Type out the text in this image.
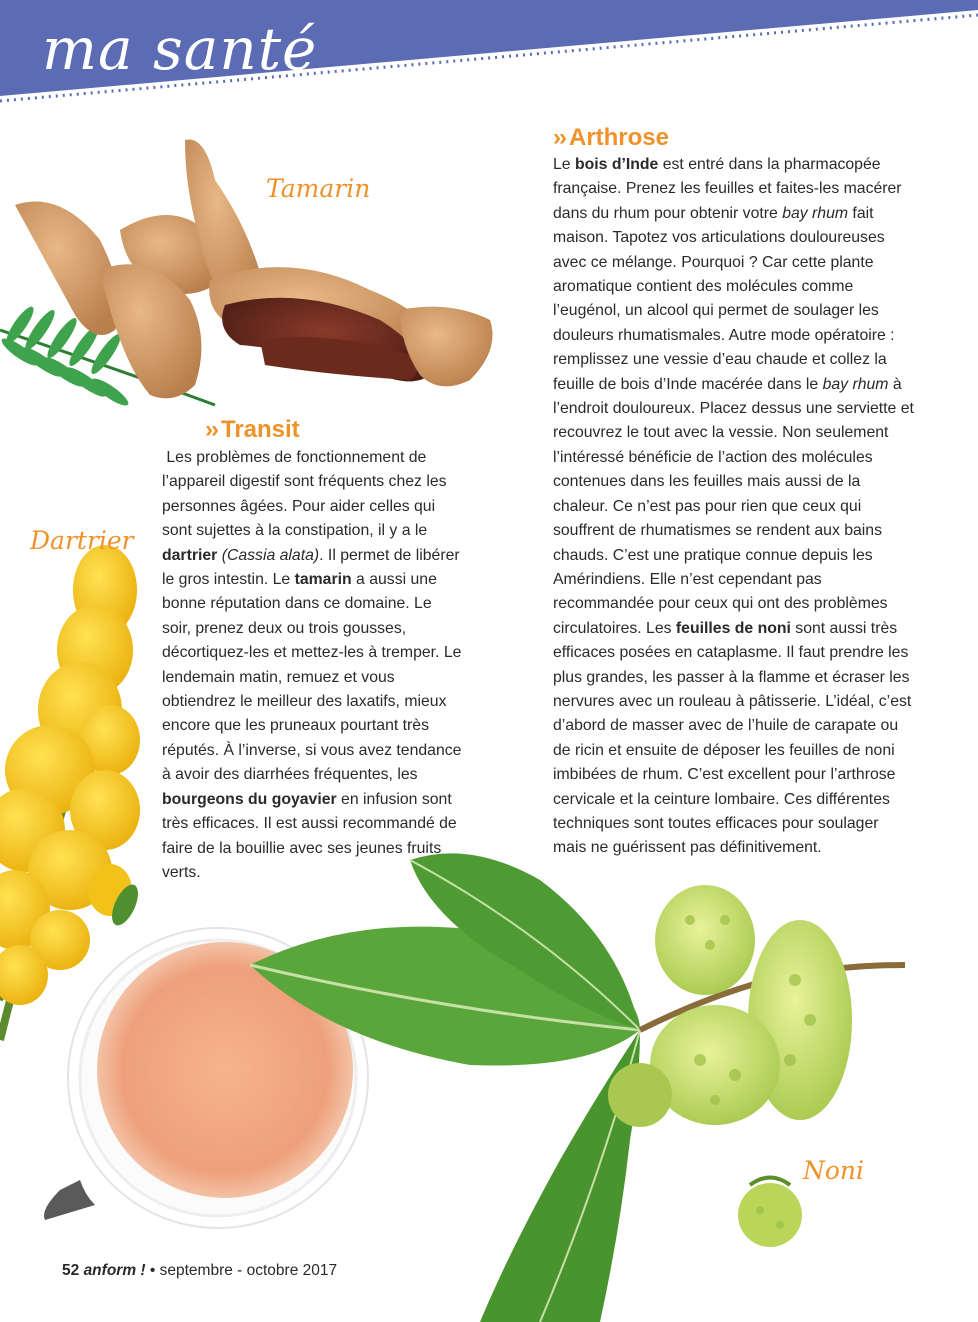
ma santé
Tamarin
Dartrier
Noni
›› Transit

Les problèmes de fonctionnement de l’appareil digestif sont fréquents chez les personnes âgées. Pour aider celles qui sont sujettes à la constipation, il y a le dartrier (Cassia alata). Il permet de libérer le gros intestin. Le tamarin a aussi une bonne réputation dans ce domaine. Le soir, prenez deux ou trois gousses, décortiquez-les et mettez-les à tremper. Le lendemain matin, remuez et vous obtiendrez le meilleur des laxatifs, mieux encore que les pruneaux pourtant très réputés. À l’inverse, si vous avez tendance à avoir des diarrhées fréquentes, les bourgeons du goyavier en infusion sont très efficaces. Il est aussi recommandé de faire de la bouillie avec ses jeunes fruits verts.

›› Arthrose

Le bois d’Inde est entré dans la pharmacopée française. Prenez les feuilles et faites-les macérer dans du rhum pour obtenir votre bay rhum fait maison. Tapotez vos articulations douloureuses avec ce mélange. Pourquoi ? Car cette plante aromatique contient des molécules comme l’eugénol, un alcool qui permet de soulager les douleurs rhumatismales. Autre mode opératoire : remplissez une vessie d’eau chaude et collez la feuille de bois d’Inde macérée dans le bay rhum à l’endroit douloureux. Placez dessus une serviette et recouvrez le tout avec la vessie. Non seulement l’intéressé bénéficie de l’action des molécules contenues dans les feuilles mais aussi de la chaleur. Ce n’est pas pour rien que ceux qui souffrent de rhumatismes se rendent aux bains chauds. C’est une pratique connue depuis les Amérindiens. Elle n’est cependant pas recommandée pour ceux qui ont des problèmes circulatoires. Les feuilles de noni sont aussi très efficaces posées en cataplasme. Il faut prendre les plus grandes, les passer à la flamme et écraser les nervures avec un rouleau à pâtisserie. L’idéal, c’est d’abord de masser avec de l’huile de carapate ou de ricin et ensuite de déposer les feuilles de noni imbibées de rhum. C’est excellent pour l’arthrose cervicale et la ceinture lombaire. Ces différentes techniques sont toutes efficaces pour soulager mais ne guérissent pas définitivement.

52 anform ! • septembre - octobre 2017
